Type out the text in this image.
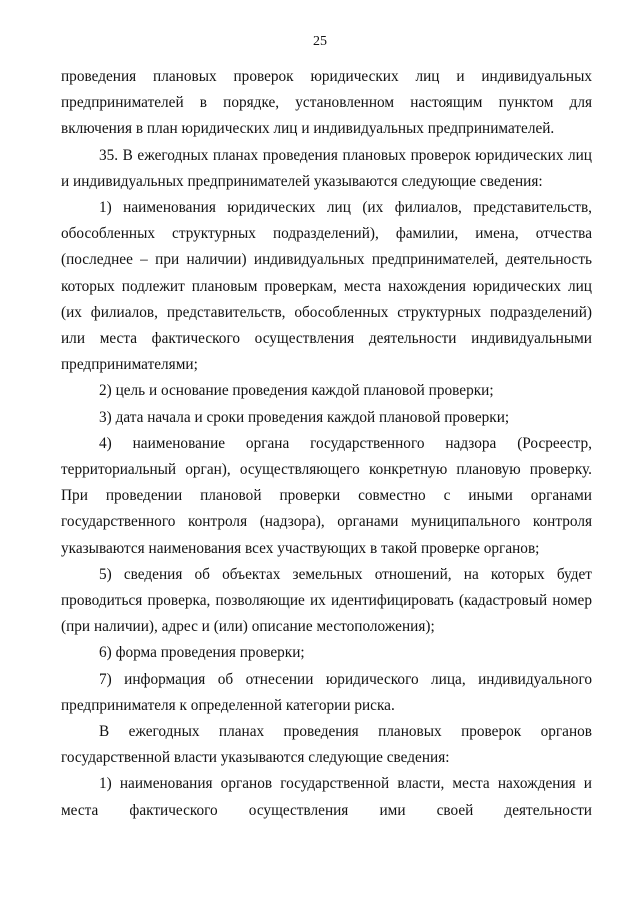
25

проведения плановых проверок юридических лиц и индивидуальных предпринимателей в порядке, установленном настоящим пунктом для включения в план юридических лиц и индивидуальных предпринимателей.

35. В ежегодных планах проведения плановых проверок юридических лиц и индивидуальных предпринимателей указываются следующие сведения:

1) наименования юридических лиц (их филиалов, представительств, обособленных структурных подразделений), фамилии, имена, отчества (последнее – при наличии) индивидуальных предпринимателей, деятельность которых подлежит плановым проверкам, места нахождения юридических лиц (их филиалов, представительств, обособленных структурных подразделений) или места фактического осуществления деятельности индивидуальными предпринимателями;

2) цель и основание проведения каждой плановой проверки;

3) дата начала и сроки проведения каждой плановой проверки;

4) наименование органа государственного надзора (Росреестр, территориальный орган), осуществляющего конкретную плановую проверку. При проведении плановой проверки совместно с иными органами государственного контроля (надзора), органами муниципального контроля указываются наименования всех участвующих в такой проверке органов;

5) сведения об объектах земельных отношений, на которых будет проводиться проверка, позволяющие их идентифицировать (кадастровый номер (при наличии), адрес и (или) описание местоположения);

6) форма проведения проверки;

7) информация об отнесении юридического лица, индивидуального предпринимателя к определенной категории риска.

В ежегодных планах проведения плановых проверок органов государственной власти указываются следующие сведения:

1) наименования органов государственной власти, места нахождения и места фактического осуществления ими своей деятельности
